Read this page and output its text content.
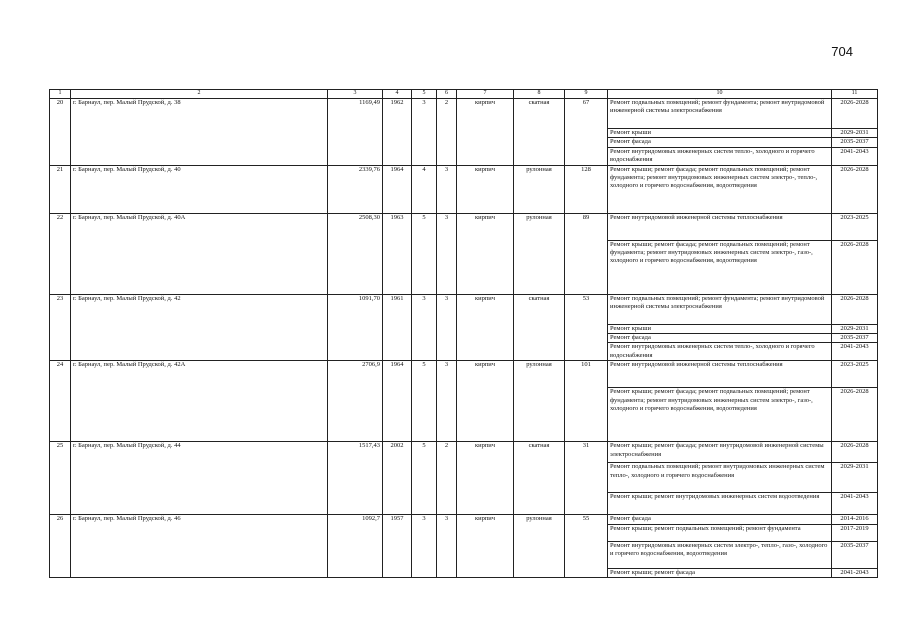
704
1	2	3	4	5	6	7	8	9	10	11
20	г. Барнаул, пер. Малый Прудской, д. 38	1169,49	1962	3	2	кирпич	скатная	67	Ремонт подвальных помещений; ремонт фундамента; ремонт внутридомовой инженерной системы электроснабжения	2026-2028
									Ремонт крыши	2029-2031
									Ремонт фасада	2035-2037
									Ремонт внутридомовых инженерных систем тепло-, холодного и горячего водоснабжения	2041-2043
21	г. Барнаул, пер. Малый Прудской, д. 40	2339,76	1964	4	3	кирпич	рулонная	128	Ремонт крыши; ремонт фасада; ремонт подвальных помещений; ремонт фундамента; ремонт внутридомовых инженерных систем электро-, тепло-, холодного и горячего водоснабжения, водоотведения	2026-2028
22	г. Барнаул, пер. Малый Прудской, д. 40А	2508,30	1963	5	3	кирпич	рулонная	89	Ремонт внутридомовой инженерной системы теплоснабжения	2023-2025
									Ремонт крыши; ремонт фасада; ремонт подвальных помещений; ремонт фундамента; ремонт внутридомовых инженерных систем электро-, газо-, холодного и горячего водоснабжения, водоотведения	2026-2028
23	г. Барнаул, пер. Малый Прудской, д. 42	1091,70	1961	3	3	кирпич	скатная	53	Ремонт подвальных помещений; ремонт фундамента; ремонт внутридомовой инженерной системы электроснабжения	2026-2028
									Ремонт крыши	2029-2031
									Ремонт фасада	2035-2037
									Ремонт внутридомовых инженерных систем тепло-, холодного и горячего водоснабжения	2041-2043
24	г. Барнаул, пер. Малый Прудской, д. 42А	2706,9	1964	5	3	кирпич	рулонная	101	Ремонт внутридомовой инженерной системы теплоснабжения	2023-2025
									Ремонт крыши; ремонт фасада; ремонт подвальных помещений; ремонт фундамента; ремонт внутридомовых инженерных систем электро-, газо-, холодного и горячего водоснабжения, водоотведения	2026-2028
25	г. Барнаул, пер. Малый Прудской, д. 44	1517,43	2002	5	2	кирпич	скатная	31	Ремонт крыши; ремонт фасада; ремонт внутридомовой инженерной системы электроснабжения	2026-2028
									Ремонт подвальных помещений; ремонт внутридомовых инженерных систем тепло-, холодного и горячего водоснабжения	2029-2031
									Ремонт крыши; ремонт внутридомовых инженерных систем водоотведения	2041-2043
26	г. Барнаул, пер. Малый Прудской, д. 46	1092,7	1957	3	3	кирпич	рулонная	55	Ремонт фасада	2014-2016
									Ремонт крыши; ремонт подвальных помещений; ремонт фундамента	2017-2019
									Ремонт внутридомовых инженерных систем электро-, тепло-, газо-, холодного и горячего водоснабжения, водоотведения	2035-2037
									Ремонт крыши; ремонт фасада	2041-2043
